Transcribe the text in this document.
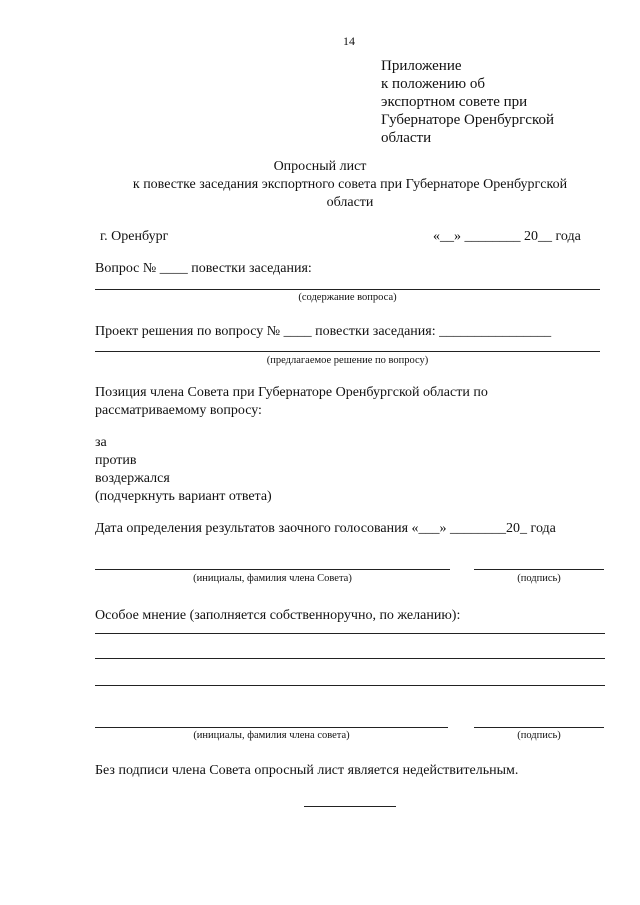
14
Приложение
к положению об
экспортном совете при
Губернаторе Оренбургской
области
Опросный лист
к повестке заседания экспортного совета при Губернаторе Оренбургской
области
г. Оренбург	«__» ________ 20__ года
Вопрос № ____ повестки заседания:
(содержание вопроса)
Проект решения по вопросу № ____ повестки заседания: ________________
(предлагаемое решение по вопросу)
Позиция члена Совета при Губернаторе Оренбургской области по
рассматриваемому вопросу:
за
против
воздержался
(подчеркнуть вариант ответа)
Дата определения результатов заочного голосования «___» ________20_ года
(инициалы, фамилия члена Совета)	(подпись)
Особое мнение (заполняется собственноручно, по желанию):
(инициалы, фамилия члена совета)	(подпись)
Без подписи члена Совета опросный лист является недействительным.
